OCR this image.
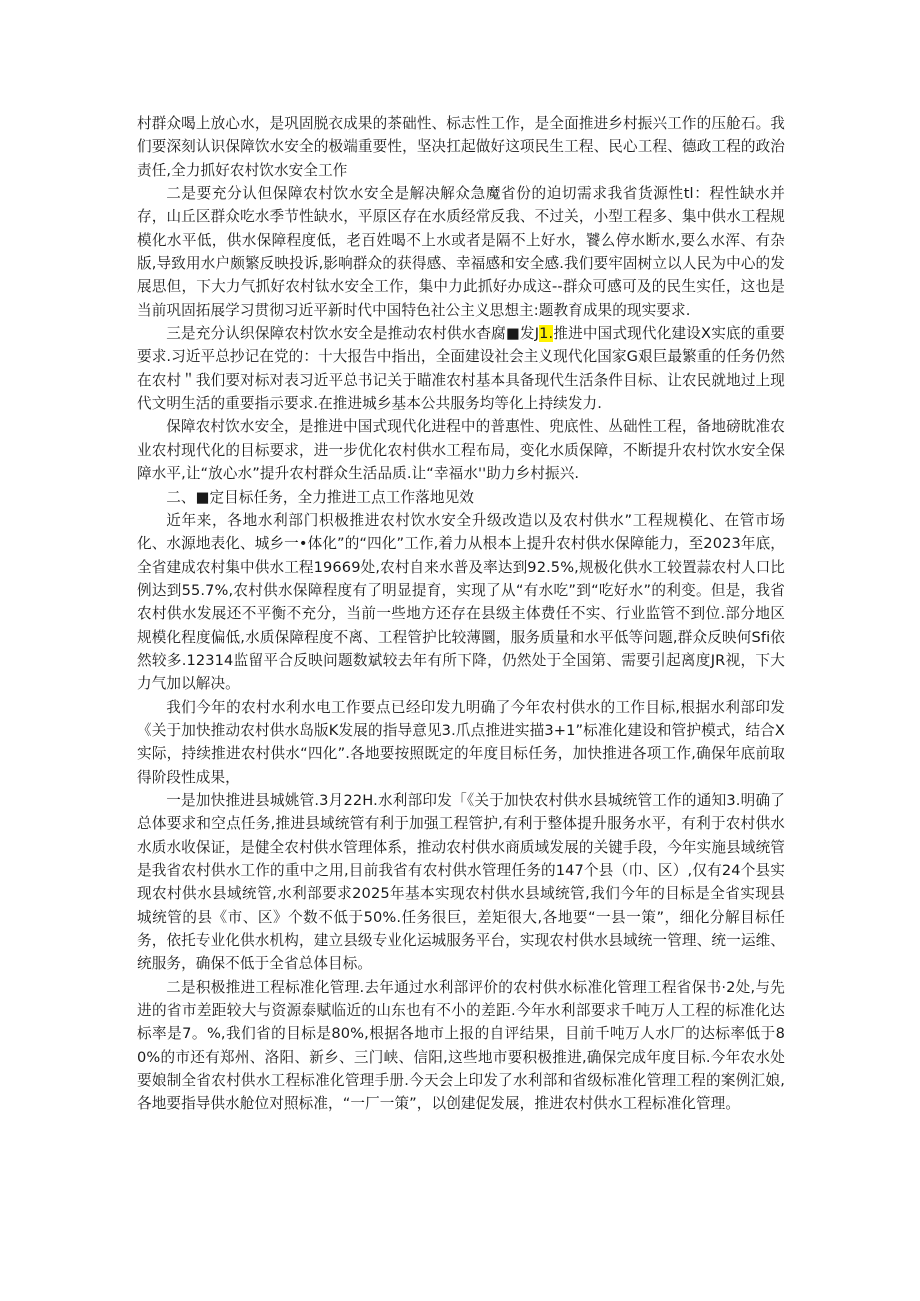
村群众喝上放心水，是巩固脱衣成果的茶础性、标志性工作，是全面推进乡村振兴工作的压舱石。我们要深刻认识保障饮水安全的极端重要性，坚决扛起做好这项民生工程、民心工程、德政工程的政治责任,全力抓好农村饮水安全工作

二是要充分认但保障农村饮水安全是解决解众急魔省份的迫切需求我省货源性tl：程性缺水并存，山丘区群众吃水季节性缺水，平原区存在水质经常反我、不过关，小型工程多、集中供水工程规模化水平低，供水保障程度低，老百姓喝不上水或者是隔不上好水，饕么停水断水,要么水浑、有杂版,导致用水户颇繁反映投诉,影响群众的获得感、幸福感和安全感.我们要牢固树立以人民为中心的发展思但，下大力气抓好农村钛水安全工作，集中力此抓好办成这--群众可感可及的民生实任，这也是当前巩固拓展学习贯彻习近平新时代中国特色社公主义思想主:题教育成果的现实要求.

三是充分认织保障农村饮水安全是推动农村供水杳腐■发J1.推进中国式现代化建设X实底的重要要求.习近平总抄记在党的：十大报告中指出，全面建设社会主义现代化国家G艰巨最繁重的任务仍然在农村＂我们要对标对表习近平总书记关于瞄准农村基本具备现代生活条件目标、让农民就地过上现代文明生活的重要指示要求.在推进城乡基本公共服务均等化上持续发力.

保障农村饮水安全，是推进中国式现代化进程中的普惠性、兜底性、丛础性工程，备地磅眈准农业农村现代化的目标要求，进一步优化农村供水工程布局，变化水质保障，不断提升农村饮水安全保障水平,让“放心水”提升农村群众生活品质.让“幸福水''助力乡村振兴.

二、■定目标任务，全力推进工点工作落地见效

近年来，各地水利部门枳极推进农村饮水安全升级改造以及农村供水”工程规模化、在管市场化、水源地表化、城乡一•体化”的“四化”工作,着力从根本上提升农村供水保障能力，至2023年底，全省建成农村集中供水工程19669处,农村自来水普及率达到92.5%,规极化供水工较置蒜农村人口比例达到55.7%,农村供水保障程度有了明显提育，实现了从“有水吃”到“吃好水”的利变。但是，我省农村供水发展还不平衡不充分，当前一些地方还存在县级主体费任不实、行业监管不到位.部分地区规模化程度偏低,水质保障程度不离、工程管护比较薄圜，服务质量和水平低等问题,群众反映何Sfi依然较多.12314监留平合反映问题数斌较去年有所下降，仍然处于全国第、需要引起离度JR视，下大力气加以解决。

我们今年的农村水利水电工作要点已经印发九明确了今年农村供水的工作目标,根据水利部印发《关于加快推动农村供水岛版K发展的指导意见3.爪点推进实描3+1”标准化建设和管护模式，结合X实际，持续推进农村供水“四化”.各地要按照既定的年度目标任务，加快推进各项工作,确保年底前取得阶段性成果，

一是加快推进县城姚管.3月22H.水利部印发「《关于加快农村供水县城统管工作的通知3.明确了总体要求和空点任务,推进县域统管有利于加强工程管护,有利于整体提升服务水平，有利于农村供水水质水收保证，是健全农村供水管理体系，推动农村供水商质域发展的关键手段，今年实施县域统管是我省农村供水工作的重中之用,目前我省有农村供水管理任务的147个县（巾、区）,仅有24个县实现农村供水县域统管,水利部要求2025年基本实现农村供水县域统管,我们今年的目标是全省实现县城统管的县《市、区》个数不低于50%.任务很巨，差矩很大,各地要“一县一策”，细化分解目标任务，依托专业化供水机构，建立县级专业化运城服务平台，实现农村供水县域统一管理、统一运维、统服务，确保不低于全省总体目标。

二是积极推进工程标准化管理.去年通过水利部评价的农村供水标准化管理工程省保书·2处,与先进的省市差距较大与资源泰赋临近的山东也有不小的差距.今年水利部要求千吨万人工程的标准化达标率是7。%,我们省的目标是80%,根据各地市上报的自评结果，目前千吨万人水厂的达标率低于80%的市还有郑州、洛阳、新乡、三门峡、信阳,这些地市要积极推进,确保完成年度目标.今年农水处要娘制全省农村供水工程标准化管理手册.今天会上印发了水利部和省级标准化管理工程的案例汇娘,各地要指导供水舱位对照标准，“一厂一策”，以创建促发展，推进农村供水工程标准化管理。
